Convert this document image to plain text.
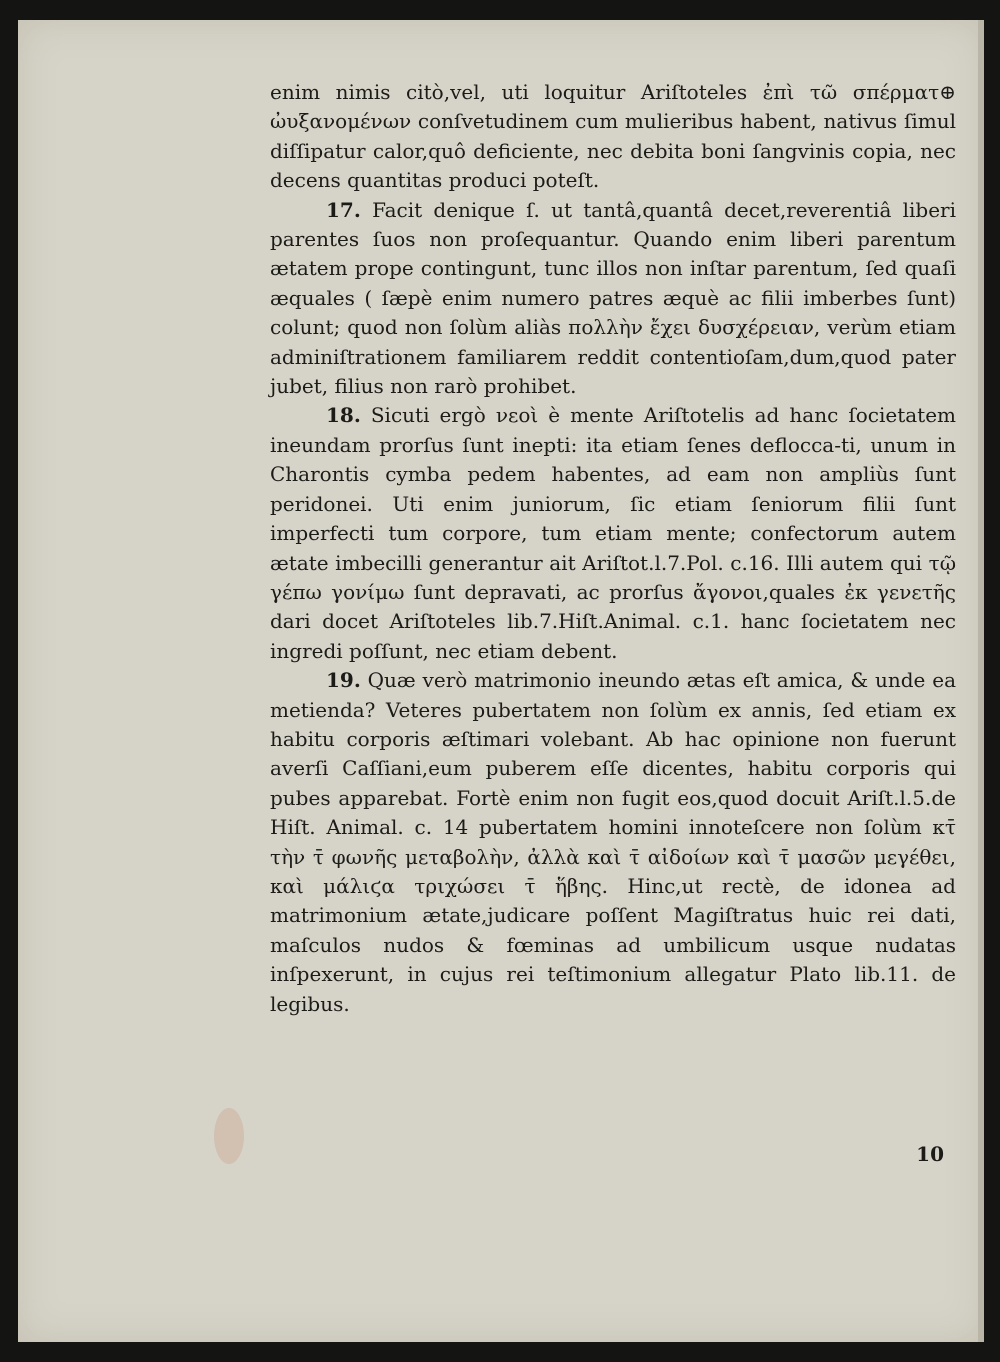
enim nimis citò,vel, uti loquitur Ariſtoteles ἐπὶ τῶ σπέρματ⊕ ὠυξανομένων conſvetudinem cum mulieribus habent, nativus ſimul diſſipatur calor,quô deficiente, nec debita boni ſangvinis copia, nec decens quantitas produci poteſt.

17. Facit denique ſ. ut tantâ,quantâ decet,reverentiâ liberi parentes ſuos non proſequantur. Quando enim liberi parentum ætatem prope contingunt, tunc illos non inſtar parentum, ſed quaſi æquales ( ſæpè enim numero patres æquè ac filii imberbes ſunt) colunt; quod non ſolùm aliàs πολλὴν ἔχει δυσχέρειαν, verùm etiam adminiſtrationem familiarem reddit contentioſam,dum,quod pater jubet, filius non rarò prohibet.

18. Sicuti ergò νεοὶ è mente Ariſtotelis ad hanc ſocietatem ineundam prorſus ſunt inepti: ita etiam ſenes deflocca-ti, unum in Charontis cymba pedem habentes, ad eam non ampliùs ſunt peridonei. Uti enim juniorum, ſic etiam ſeniorum filii ſunt imperfecti tum corpore, tum etiam mente; confectorum autem ætate imbecilli generantur ait Ariſtot.l.7.Pol. c.16. Illi autem qui τῷ γέπω γονίμω ſunt depravati, ac prorſus ἄγονοι,quales ἐκ γενετῆς dari docet Ariſtoteles lib.7.Hiſt.Animal. c.1. hanc ſocietatem nec ingredi poſſunt, nec etiam debent.

19. Quæ verò matrimonio ineundo ætas eſt amica, & unde ea metienda? Veteres pubertatem non ſolùm ex annis, ſed etiam ex habitu corporis æſtimari volebant. Ab hac opinione non fuerunt averſi Caſſiani,eum puberem eſſe dicentes, habitu corporis qui pubes apparebat. Fortè enim non fugit eos,quod docuit Ariſt.l.5.de Hiſt. Animal. c. 14 pubertatem homini innoteſcere non ſolùm κτ̄ τὴν τ̄ φωνῆς μεταβολὴν, ἀλλὰ καὶ τ̄ αἰδοίων καὶ τ̄ μασῶν μεγέθει, καὶ μάλιϛα τριχώσει τ̄ ἥβης. Hinc,ut rectè, de idonea ad matrimonium ætate,judicare poſſent Magiſtratus huic rei dati, maſculos nudos & fœminas ad umbilicum usque nudatas inſpexerunt, in cujus rei teſtimonium allegatur Plato lib.11. de legibus.

10
